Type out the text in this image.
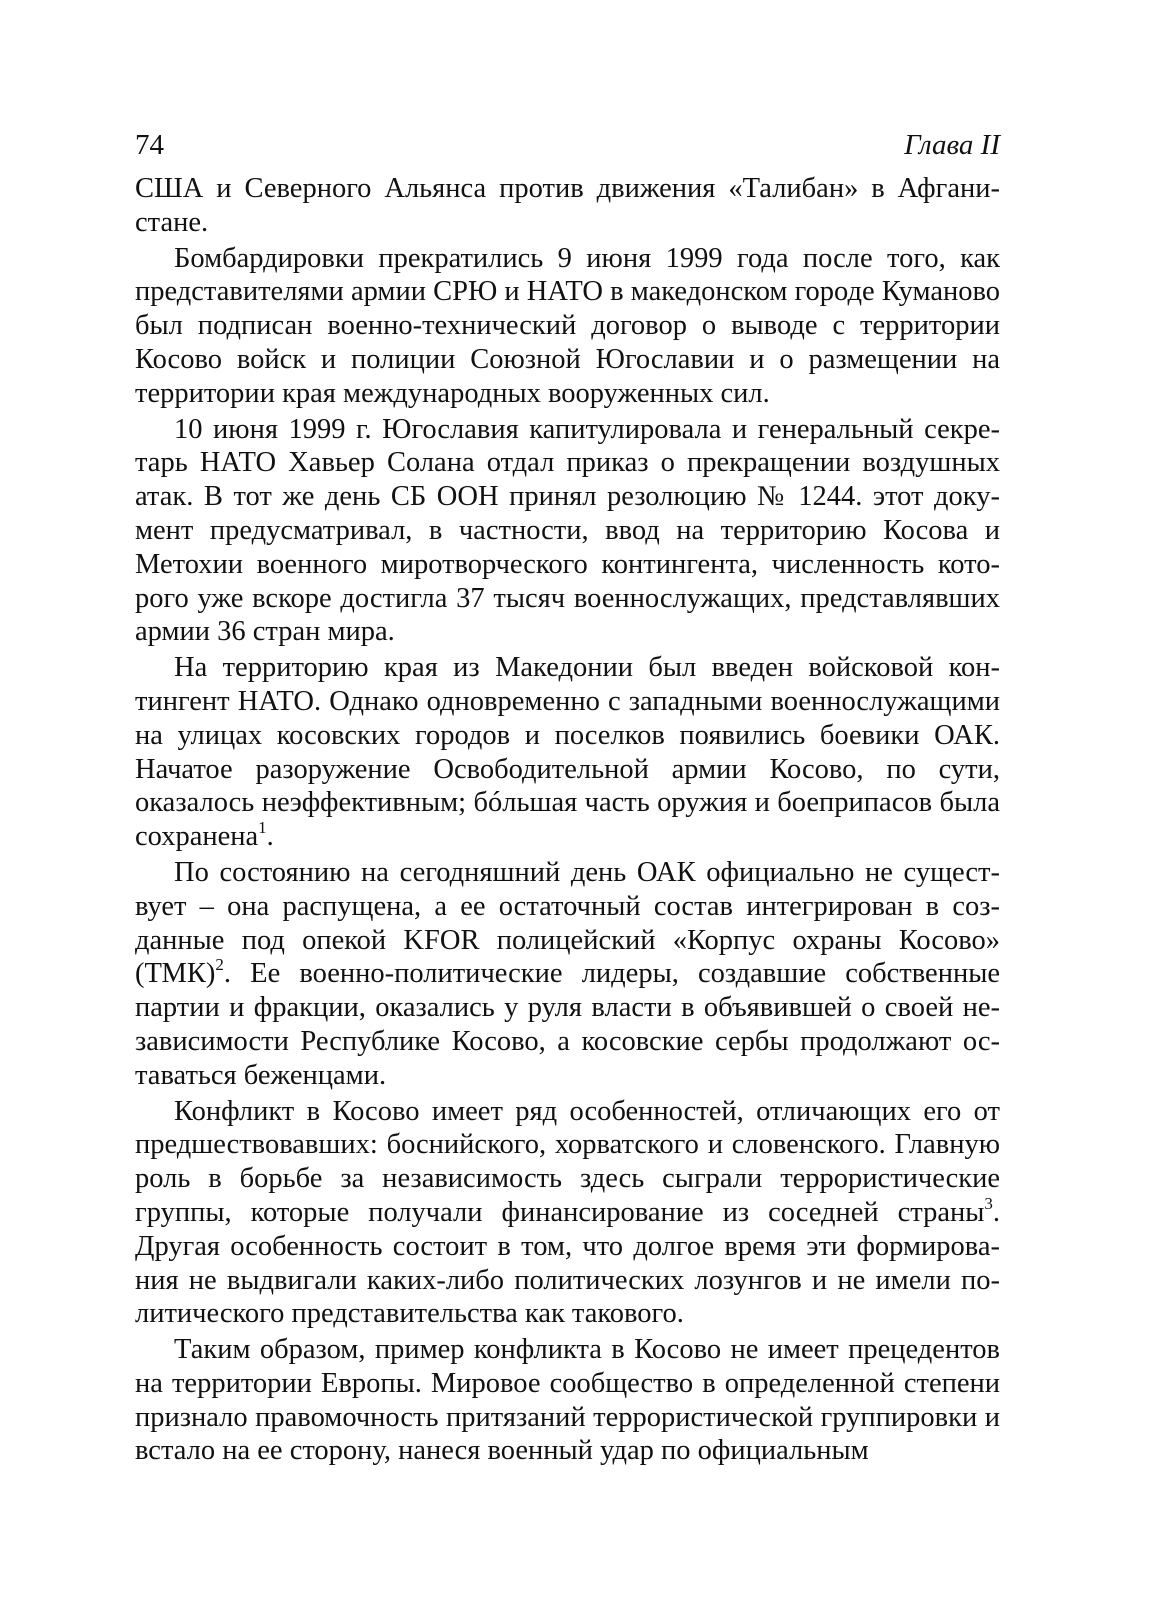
74	Глава II

США и Северного Альянса против движения «Талибан» в Афганистане.

Бомбардировки прекратились 9 июня 1999 года после того, как представителями армии СРЮ и НАТО в македонском городе Куманово был подписан военно-технический договор о выводе с территории Косово войск и полиции Союзной Югославии и о размещении на территории края международных вооруженных сил.

10 июня 1999 г. Югославия капитулировала и генеральный секретарь НАТО Хавьер Солана отдал приказ о прекращении воздушных атак. В тот же день СБ ООН принял резолюцию № 1244. этот документ предусматривал, в частности, ввод на территорию Косова и Метохии военного миротворческого контингента, численность которого уже вскоре достигла 37 тысяч военнослужащих, представлявших армии 36 стран мира.

На территорию края из Македонии был введен войсковой контингент НАТО. Однако одновременно с западными военнослужащими на улицах косовских городов и поселков появились боевики ОАК. Начатое разоружение Освободительной армии Косово, по сути, оказалось неэффективным; бóльшая часть оружия и боеприпасов была сохранена$^1$.

По состоянию на сегодняшний день ОАК официально не существует – она распущена, а ее остаточный состав интегрирован в созданные под опекой KFOR полицейский «Корпус охраны Косово» (ТМК)$^2$. Ее военно-политические лидеры, создавшие собственные партии и фракции, оказались у руля власти в объявившей о своей независимости Республике Косово, а косовские сербы продолжают оставаться беженцами.

Конфликт в Косово имеет ряд особенностей, отличающих его от предшествовавших: боснийского, хорватского и словенского. Главную роль в борьбе за независимость здесь сыграли террористические группы, которые получали финансирование из соседней страны$^3$. Другая особенность состоит в том, что долгое время эти формирования не выдвигали каких-либо политических лозунгов и не имели политического представительства как такового.

Таким образом, пример конфликта в Косово не имеет прецедентов на территории Европы. Мировое сообщество в определенной степени признало правомочность притязаний террористической группировки и встало на ее сторону, нанеся военный удар по официальным
